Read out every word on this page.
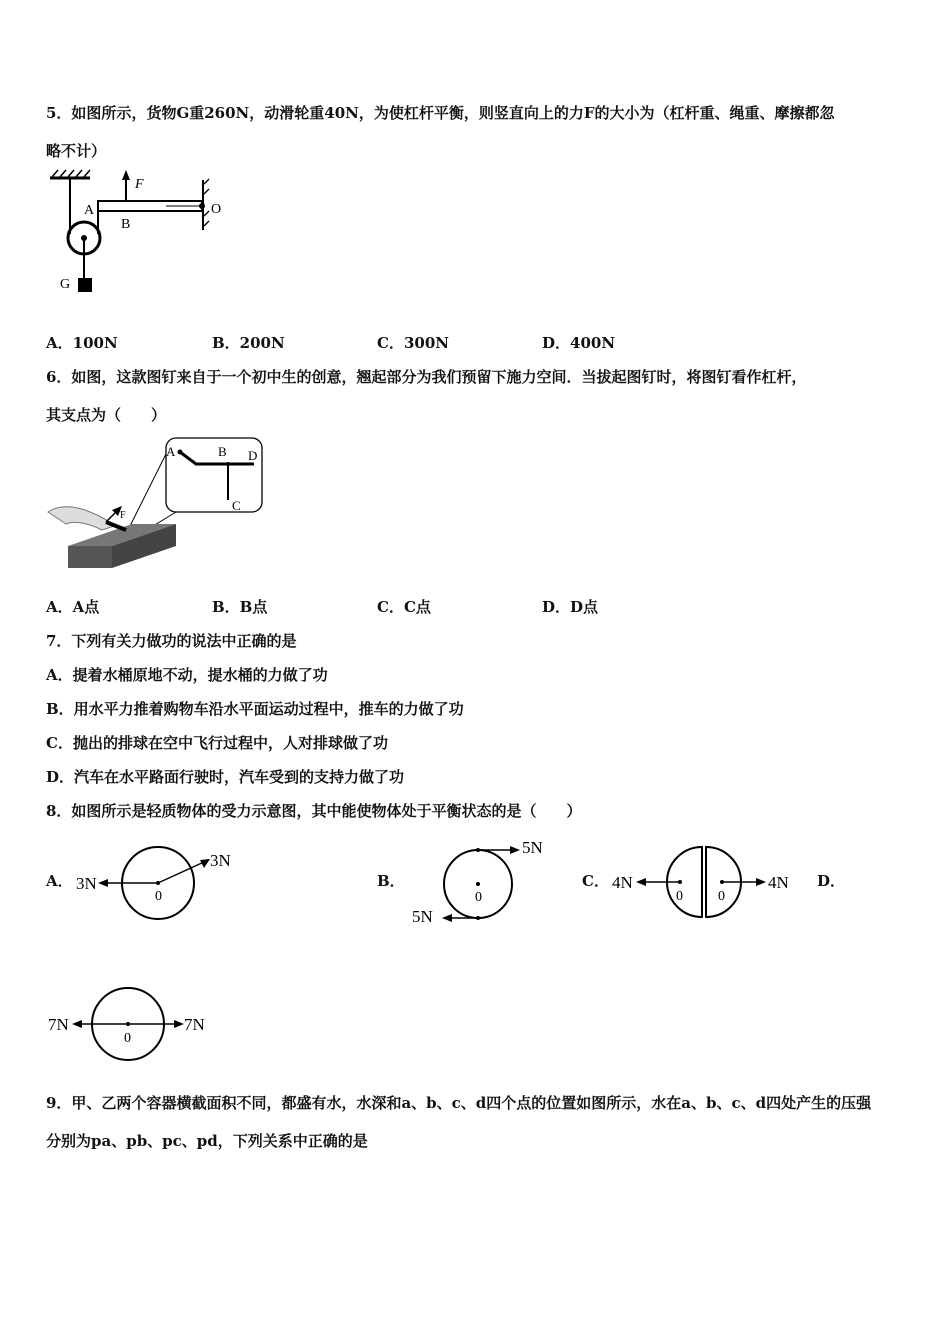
5．如图所示，货物G重260N，动滑轮重40N，为使杠杆平衡，则竖直向上的力F的大小为（杠杆重、绳重、摩擦都忽
略不计）
F
A
B
O
G
A．100N	B．200N	C．300N	D．400N
6．如图，这款图钉来自于一个初中生的创意，翘起部分为我们预留下施力空间．当拔起图钉时，将图钉看作杠杆，
其支点为（　　）
A	B D
C
F
A．A点	B．B点	C．C点	D．D点
7．下列有关力做功的说法中正确的是
A．提着水桶原地不动，提水桶的力做了功
B．用水平力推着购物车沿水平面运动过程中，推车的力做了功
C．抛出的排球在空中飞行过程中，人对排球做了功
D．汽车在水平路面行驶时，汽车受到的支持力做了功
8．如图所示是轻质物体的受力示意图，其中能使物体处于平衡状态的是（　　）
A． 3N
3N
0
B．
5N
5N
0
C． 4N	4N
0	0
D．
7N	7N
0
9．甲、乙两个容器横截面积不同，都盛有水，水深和a、b、c、d四个点的位置如图所示，水在a、b、c、d四处产生的压强
分别为pa、pb、pc、pd，下列关系中正确的是
